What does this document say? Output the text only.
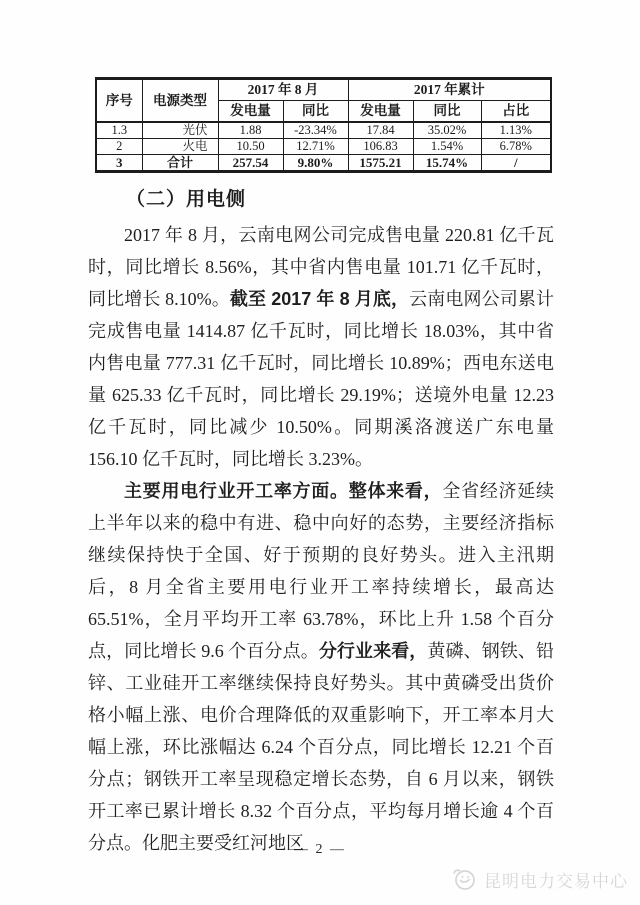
序号	电源类型	2017 年 8 月		2017 年累计		
		发电量	同比	发电量	同比	占比
1.3	光伏	1.88	-23.34%	17.84	35.02%	1.13%
2	火电	10.50	12.71%	106.83	1.54%	6.78%
3	合计	257.54	9.80%	1575.21	15.74%	/
（二）用电侧

2017 年 8 月，云南电网公司完成售电量 220.81 亿千瓦时，同比增长 8.56%，其中省内售电量 101.71 亿千瓦时，同比增长 8.10%。截至 2017 年 8 月底，云南电网公司累计完成售电量 1414.87 亿千瓦时，同比增长 18.03%，其中省内售电量 777.31 亿千瓦时，同比增长 10.89%；西电东送电量 625.33 亿千瓦时，同比增长 29.19%；送境外电量 12.23 亿千瓦时，同比减少 10.50%。同期溪洛渡送广东电量 156.10 亿千瓦时，同比增长 3.23%。

主要用电行业开工率方面。整体来看，全省经济延续上半年以来的稳中有进、稳中向好的态势，主要经济指标继续保持快于全国、好于预期的良好势头。进入主汛期后，8 月全省主要用电行业开工率持续增长，最高达 65.51%，全月平均开工率 63.78%，环比上升 1.58 个百分点，同比增长 9.6 个百分点。分行业来看，黄磷、钢铁、铅锌、工业硅开工率继续保持良好势头。其中黄磷受出货价格小幅上涨、电价合理降低的双重影响下，开工率本月大幅上涨，环比涨幅达 6.24 个百分点，同比增长 12.21 个百分点；钢铁开工率呈现稳定增长态势，自 6 月以来，钢铁开工率已累计增长 8.32 个百分点，平均每月增长逾 4 个百分点。化肥主要受红河地区

— 2 —
昆明电力交易中心
